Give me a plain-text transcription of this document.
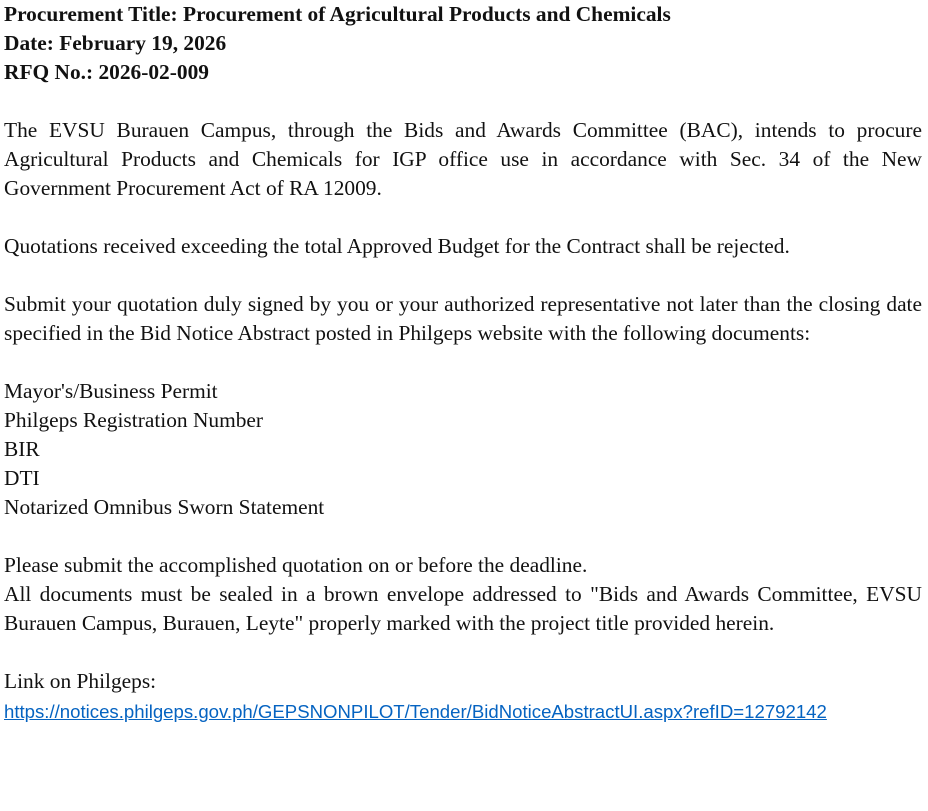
Procurement Title: Procurement of Agricultural Products and Chemicals
Date: February 19, 2026
RFQ No.: 2026-02-009

The EVSU Burauen Campus, through the Bids and Awards Committee (BAC), intends to procure Agricultural Products and Chemicals for IGP office use in accordance with Sec. 34 of the New Government Procurement Act of RA 12009.

Quotations received exceeding the total Approved Budget for the Contract shall be rejected.

Submit your quotation duly signed by you or your authorized representative not later than the closing date specified in the Bid Notice Abstract posted in Philgeps website with the following documents:

Mayor's/Business Permit
Philgeps Registration Number
BIR
DTI
Notarized Omnibus Sworn Statement

Please submit the accomplished quotation on or before the deadline.

All documents must be sealed in a brown envelope addressed to "Bids and Awards Committee, EVSU Burauen Campus, Burauen, Leyte" properly marked with the project title provided herein.

Link on Philgeps:
https://notices.philgeps.gov.ph/GEPSNONPILOT/Tender/BidNoticeAbstractUI.aspx?refID=12792142
